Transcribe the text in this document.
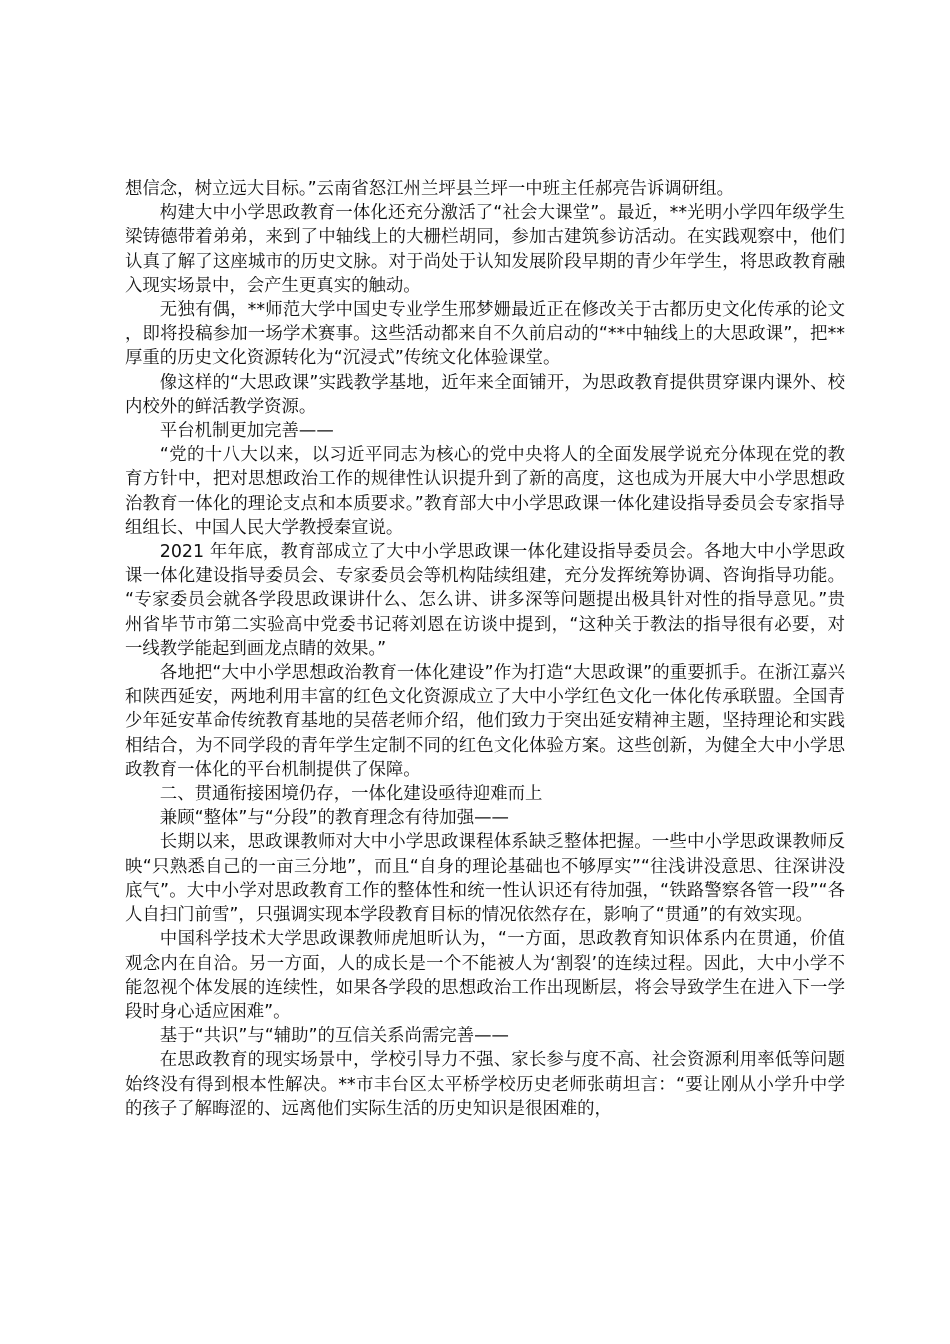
想信念，树立远大目标。”云南省怒江州兰坪县兰坪一中班主任郝亮告诉调研组。

构建大中小学思政教育一体化还充分激活了“社会大课堂”。最近，**光明小学四年级学生梁铸德带着弟弟，来到了中轴线上的大栅栏胡同，参加古建筑参访活动。在实践观察中，他们认真了解了这座城市的历史文脉。对于尚处于认知发展阶段早期的青少年学生，将思政教育融入现实场景中，会产生更真实的触动。

无独有偶，**师范大学中国史专业学生邢梦姗最近正在修改关于古都历史文化传承的论文，即将投稿参加一场学术赛事。这些活动都来自不久前启动的“**中轴线上的大思政课”，把**厚重的历史文化资源转化为“沉浸式”传统文化体验课堂。

像这样的“大思政课”实践教学基地，近年来全面铺开，为思政教育提供贯穿课内课外、校内校外的鲜活教学资源。

平台机制更加完善——

“党的十八大以来，以习近平同志为核心的党中央将人的全面发展学说充分体现在党的教育方针中，把对思想政治工作的规律性认识提升到了新的高度，这也成为开展大中小学思想政治教育一体化的理论支点和本质要求。”教育部大中小学思政课一体化建设指导委员会专家指导组组长、中国人民大学教授秦宣说。

2021 年年底，教育部成立了大中小学思政课一体化建设指导委员会。各地大中小学思政课一体化建设指导委员会、专家委员会等机构陆续组建，充分发挥统筹协调、咨询指导功能。“专家委员会就各学段思政课讲什么、怎么讲、讲多深等问题提出极具针对性的指导意见。”贵州省毕节市第二实验高中党委书记蒋刘恩在访谈中提到，“这种关于教法的指导很有必要，对一线教学能起到画龙点睛的效果。”

各地把“大中小学思想政治教育一体化建设”作为打造“大思政课”的重要抓手。在浙江嘉兴和陕西延安，两地利用丰富的红色文化资源成立了大中小学红色文化一体化传承联盟。全国青少年延安革命传统教育基地的吴蓓老师介绍，他们致力于突出延安精神主题，坚持理论和实践相结合，为不同学段的青年学生定制不同的红色文化体验方案。这些创新，为健全大中小学思政教育一体化的平台机制提供了保障。

二、贯通衔接困境仍存，一体化建设亟待迎难而上

兼顾“整体”与“分段”的教育理念有待加强——

长期以来，思政课教师对大中小学思政课程体系缺乏整体把握。一些中小学思政课教师反映“只熟悉自己的一亩三分地”，而且“自身的理论基础也不够厚实”“往浅讲没意思、往深讲没底气”。大中小学对思政教育工作的整体性和统一性认识还有待加强，“铁路警察各管一段”“各人自扫门前雪”，只强调实现本学段教育目标的情况依然存在，影响了“贯通”的有效实现。

中国科学技术大学思政课教师虎旭昕认为，“一方面，思政教育知识体系内在贯通，价值观念内在自洽。另一方面，人的成长是一个不能被人为‘割裂’的连续过程。因此，大中小学不能忽视个体发展的连续性，如果各学段的思想政治工作出现断层，将会导致学生在进入下一学段时身心适应困难”。

基于“共识”与“辅助”的互信关系尚需完善——

在思政教育的现实场景中，学校引导力不强、家长参与度不高、社会资源利用率低等问题始终没有得到根本性解决。**市丰台区太平桥学校历史老师张萌坦言：“要让刚从小学升中学的孩子了解晦涩的、远离他们实际生活的历史知识是很困难的，
